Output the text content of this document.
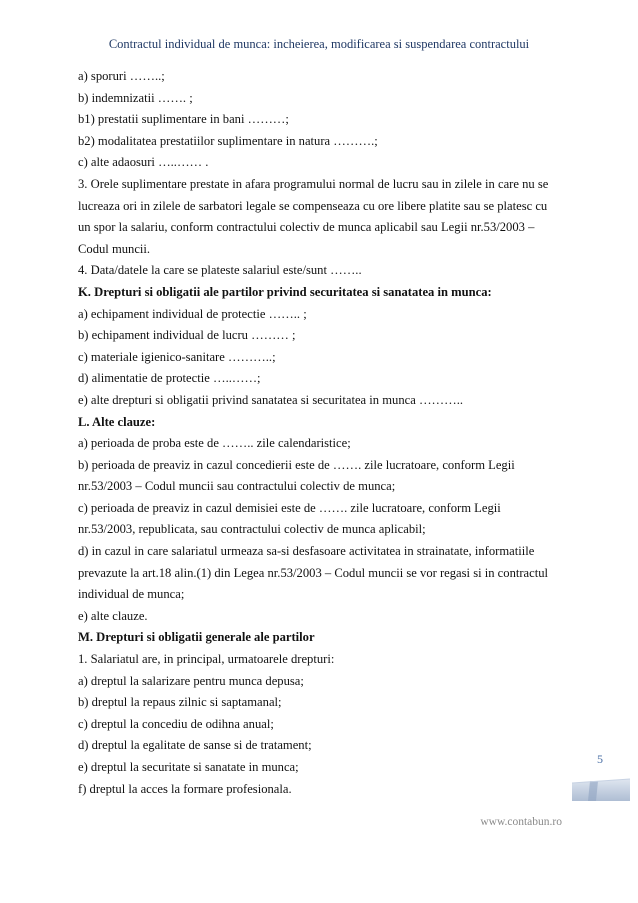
Contractul individual de munca: incheierea, modificarea si suspendarea contractului
a) sporuri ……..;
b) indemnizatii ……. ;
b1) prestatii suplimentare in bani ………;
b2) modalitatea prestatiilor suplimentare in natura ……….;
c) alte adaosuri …..…… .
3. Orele suplimentare prestate in afara programului normal de lucru sau in zilele in care nu se
lucreaza ori in zilele de sarbatori legale se compenseaza cu ore libere platite sau se platesc cu
un spor la salariu, conform contractului colectiv de munca aplicabil sau Legii nr.53/2003 –
Codul muncii.
4. Data/datele la care se plateste salariul este/sunt ……..
K. Drepturi si obligatii ale partilor privind securitatea si sanatatea in munca:
a) echipament individual de protectie …….. ;
b) echipament individual de lucru ……… ;
c) materiale igienico-sanitare ………..;
d) alimentatie de protectie …..……;
e) alte drepturi si obligatii privind sanatatea si securitatea in munca ………..
L. Alte clauze:
a) perioada de proba este de …….. zile calendaristice;
b) perioada de preaviz in cazul concedierii este de ……. zile lucratoare, conform Legii
nr.53/2003 – Codul muncii sau contractului colectiv de munca;
c) perioada de preaviz in cazul demisiei este de ……. zile lucratoare, conform Legii
nr.53/2003, republicata, sau contractului colectiv de munca aplicabil;
d) in cazul in care salariatul urmeaza sa-si desfasoare activitatea in strainatate, informatiile
prevazute la art.18 alin.(1) din Legea nr.53/2003 – Codul muncii se vor regasi si in contractul
individual de munca;
e) alte clauze.
M. Drepturi si obligatii generale ale partilor
1. Salariatul are, in principal, urmatoarele drepturi:
a) dreptul la salarizare pentru munca depusa;
b) dreptul la repaus zilnic si saptamanal;
c) dreptul la concediu de odihna anual;
d) dreptul la egalitate de sanse si de tratament;
e) dreptul la securitate si sanatate in munca;
f) dreptul la acces la formare profesionala.
5
www.contabun.ro
